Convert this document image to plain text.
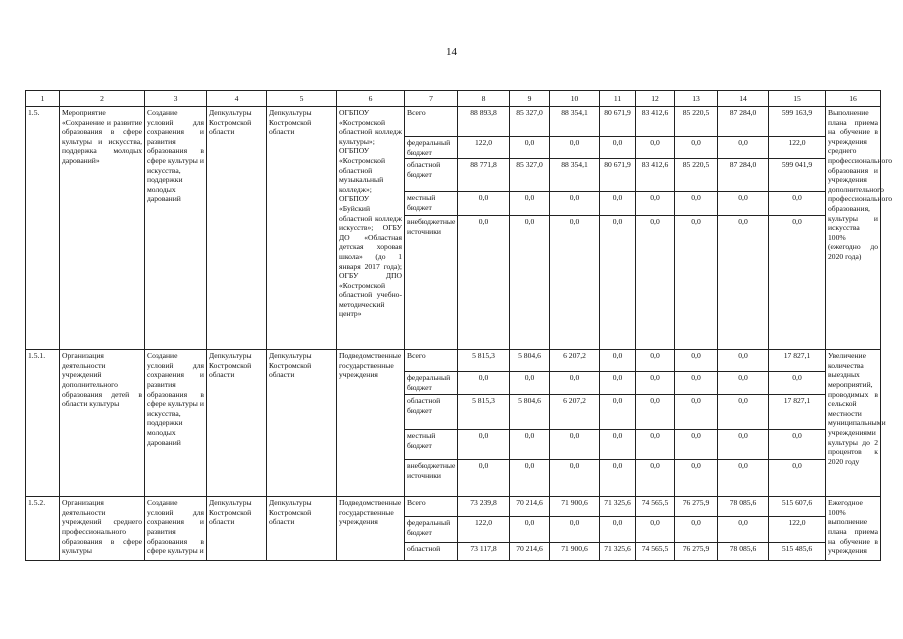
14
1	2	3	4	5	6	7	8	9	10	11	12	13	14	15	16
1.5.	Мероприятие «Сохранение и развитие образования в сфере культуры и искусства, поддержка молодых дарований»	Создание условий для сохранения и развития образования в сфере культуры и искусства, поддержки молодых дарований	Депкультуры Костромской области	Депкультуры Костромской области	ОГБПОУ «Костромской областной колледж культуры»; ОГБПОУ «Костромской областной музыкальный колледж»; ОГБПОУ «Буйский областной колледж искусств»; ОГБУ ДО «Областная детская хоровая школа» (до 1 января 2017 года); ОГБУ ДПО «Костромской областной учебно-методический центр»	Всего	88 893,8	85 327,0	88 354,1	80 671,9	83 412,6	85 220,5	87 284,0	599 163,9	Выполнение плана приема на обучение в учреждения среднего профессионального образования и учреждения дополнительного профессионального образования, культуры и искусства 100% (ежегодно до 2020 года)
						федеральный бюджет	122,0	0,0	0,0	0,0	0,0	0,0	0,0	122,0	
						областной бюджет	88 771,8	85 327,0	88 354,1	80 671,9	83 412,6	85 220,5	87 284,0	599 041,9	
						местный бюджет	0,0	0,0	0,0	0,0	0,0	0,0	0,0	0,0	
						внебюджетные источники	0,0	0,0	0,0	0,0	0,0	0,0	0,0	0,0	
1.5.1.	Организация деятельности учреждений дополнительного образования детей в области культуры	Создание условий для сохранения и развития образования в сфере культуры и искусства, поддержки молодых дарований	Депкультуры Костромской области	Депкультуры Костромской области	Подведомственные государственные учреждения	Всего	5 815,3	5 804,6	6 207,2	0,0	0,0	0,0	0,0	17 827,1	Увеличение количества выездных мероприятий, проводимых в сельской местности муниципальными учреждениями культуры до 2 процентов к 2020 году
						федеральный бюджет	0,0	0,0	0,0	0,0	0,0	0,0	0,0	0,0	
						областной бюджет	5 815,3	5 804,6	6 207,2	0,0	0,0	0,0	0,0	17 827,1	
						местный бюджет	0,0	0,0	0,0	0,0	0,0	0,0	0,0	0,0	
						внебюджетные источники	0,0	0,0	0,0	0,0	0,0	0,0	0,0	0,0	
1.5.2.	Организация деятельности учреждений среднего профессионального образования в сфере культуры	Создание условий для сохранения и развития образования в сфере культуры и	Депкультуры Костромской области	Депкультуры Костромской области	Подведомственные государственные учреждения	Всего	73 239,8	70 214,6	71 900,6	71 325,6	74 565,5	76 275,9	78 085,6	515 607,6	Ежегодное 100% выполнение плана приема на обучение в учреждения
						федеральный бюджет	122,0	0,0	0,0	0,0	0,0	0,0	0,0	122,0	
						областной	73 117,8	70 214,6	71 900,6	71 325,6	74 565,5	76 275,9	78 085,6	515 485,6	
